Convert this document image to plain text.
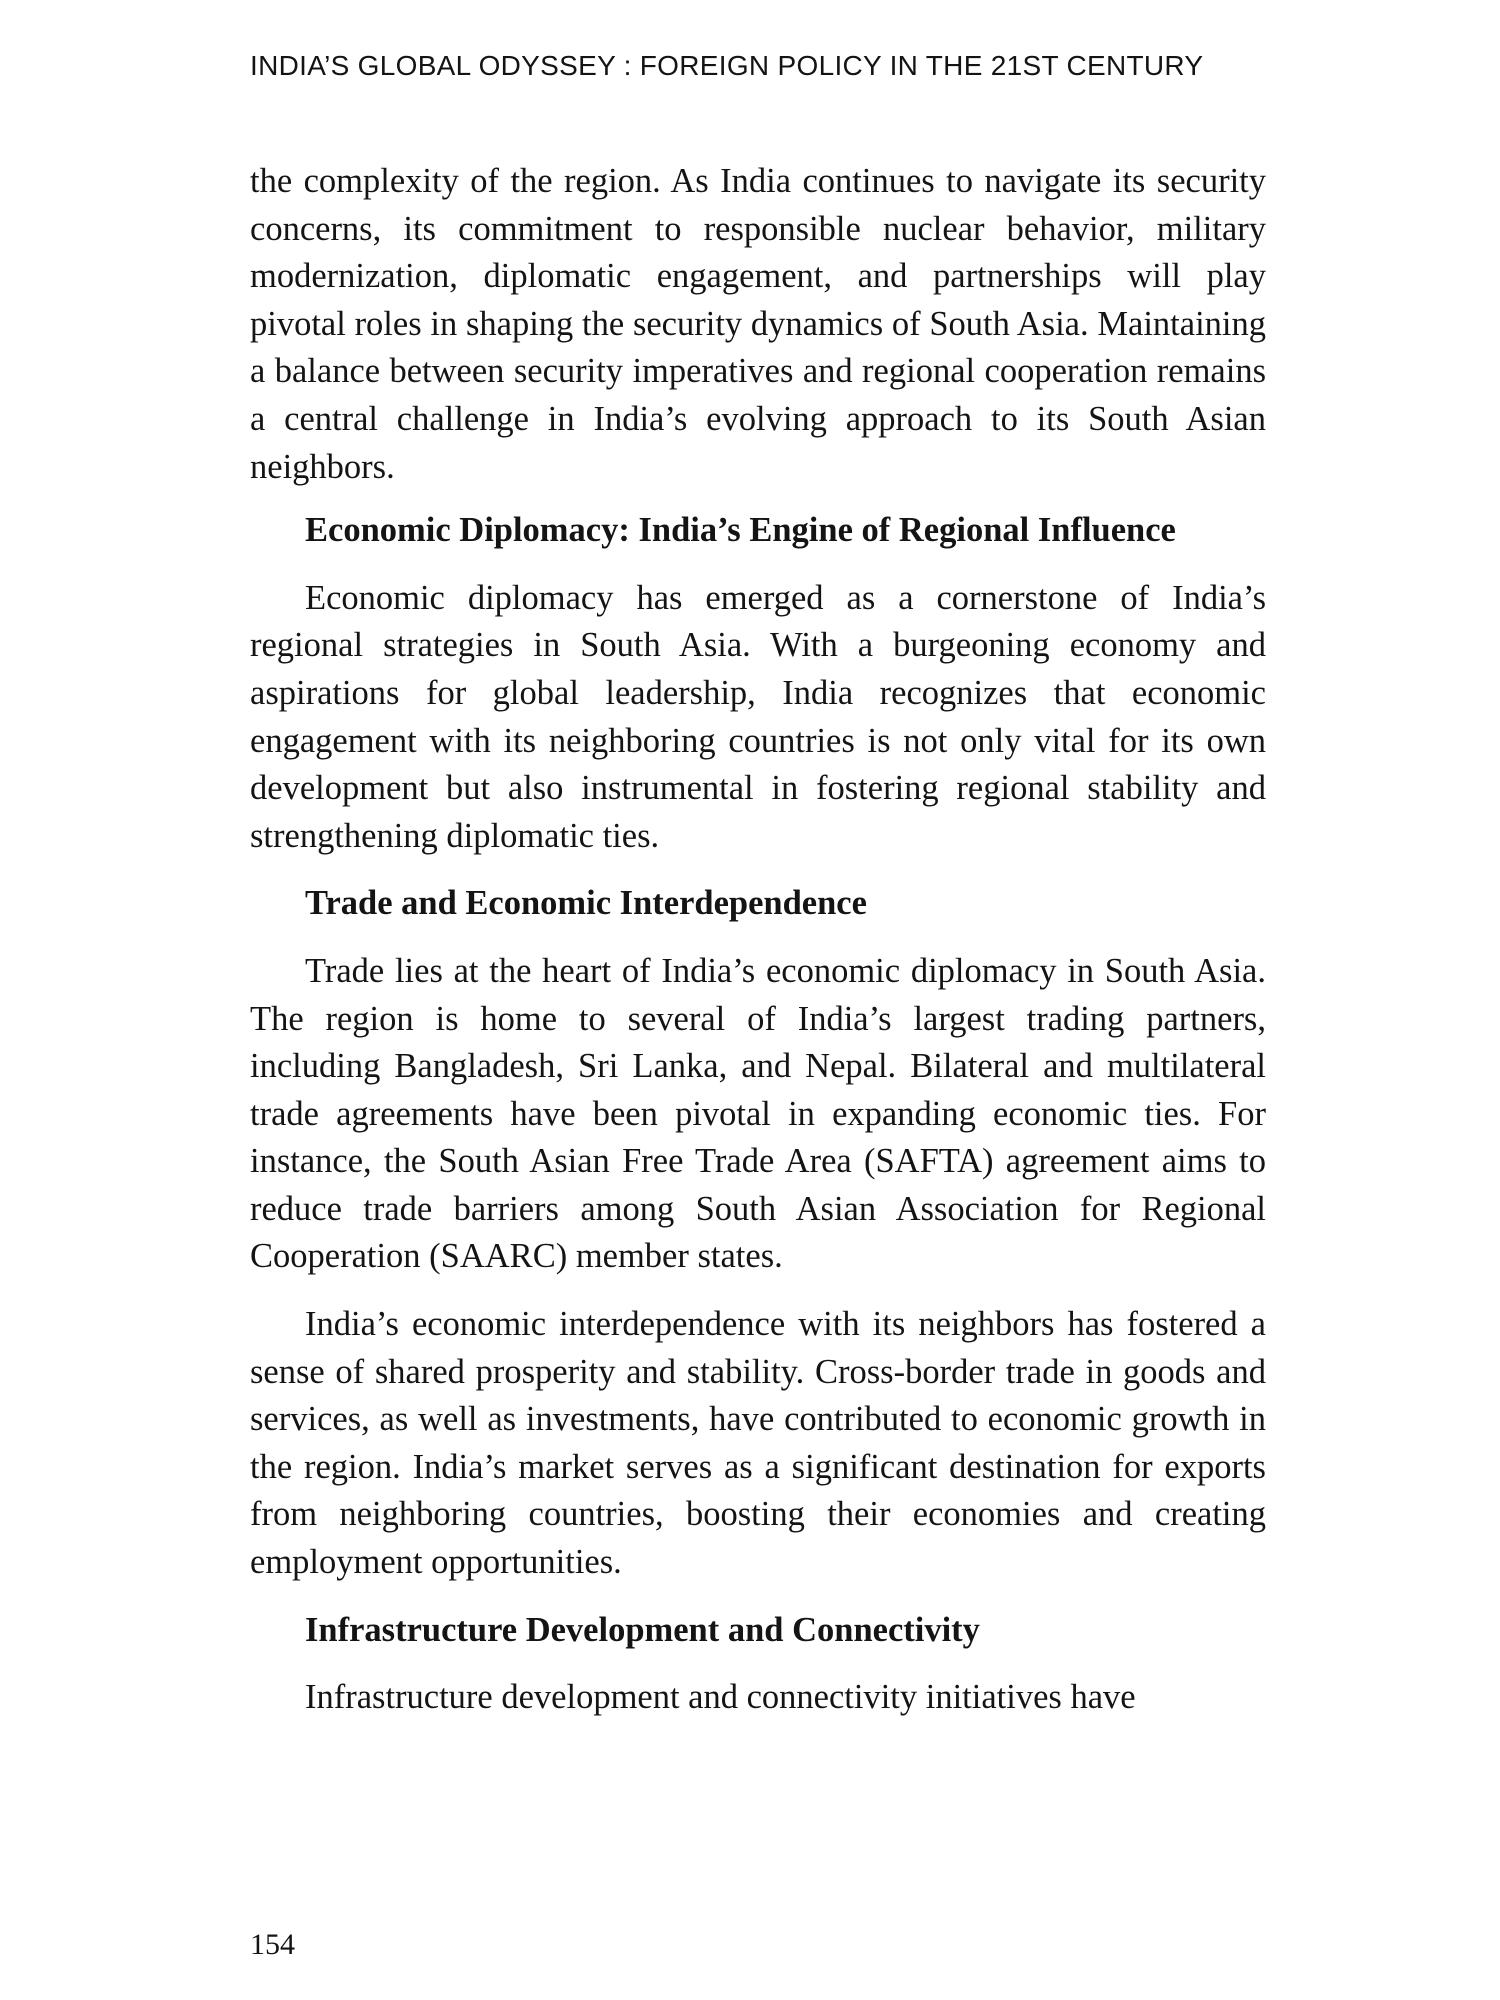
INDIA’S GLOBAL ODYSSEY : FOREIGN POLICY IN THE 21ST CENTURY

the complexity of the region. As India continues to navigate its security concerns, its commitment to responsible nuclear behavior, military modernization, diplomatic engagement, and partnerships will play pivotal roles in shaping the security dynamics of South Asia. Maintaining a balance between security imperatives and regional cooperation remains a central challenge in India’s evolving approach to its South Asian neighbors.

Economic Diplomacy: India’s Engine of Regional Influence

Economic diplomacy has emerged as a cornerstone of India’s regional strategies in South Asia. With a burgeoning economy and aspirations for global leadership, India recognizes that economic engagement with its neighboring countries is not only vital for its own development but also instrumental in fostering regional stability and strengthening diplomatic ties.

Trade and Economic Interdependence

Trade lies at the heart of India’s economic diplomacy in South Asia. The region is home to several of India’s largest trading partners, including Bangladesh, Sri Lanka, and Nepal. Bilateral and multilateral trade agreements have been pivotal in expanding economic ties. For instance, the South Asian Free Trade Area (SAFTA) agreement aims to reduce trade barriers among South Asian Association for Regional Cooperation (SAARC) member states.

India’s economic interdependence with its neighbors has fostered a sense of shared prosperity and stability. Cross-border trade in goods and services, as well as investments, have contributed to economic growth in the region. India’s market serves as a significant destination for exports from neighboring countries, boosting their economies and creating employment opportunities.

Infrastructure Development and Connectivity

Infrastructure development and connectivity initiatives have

154
